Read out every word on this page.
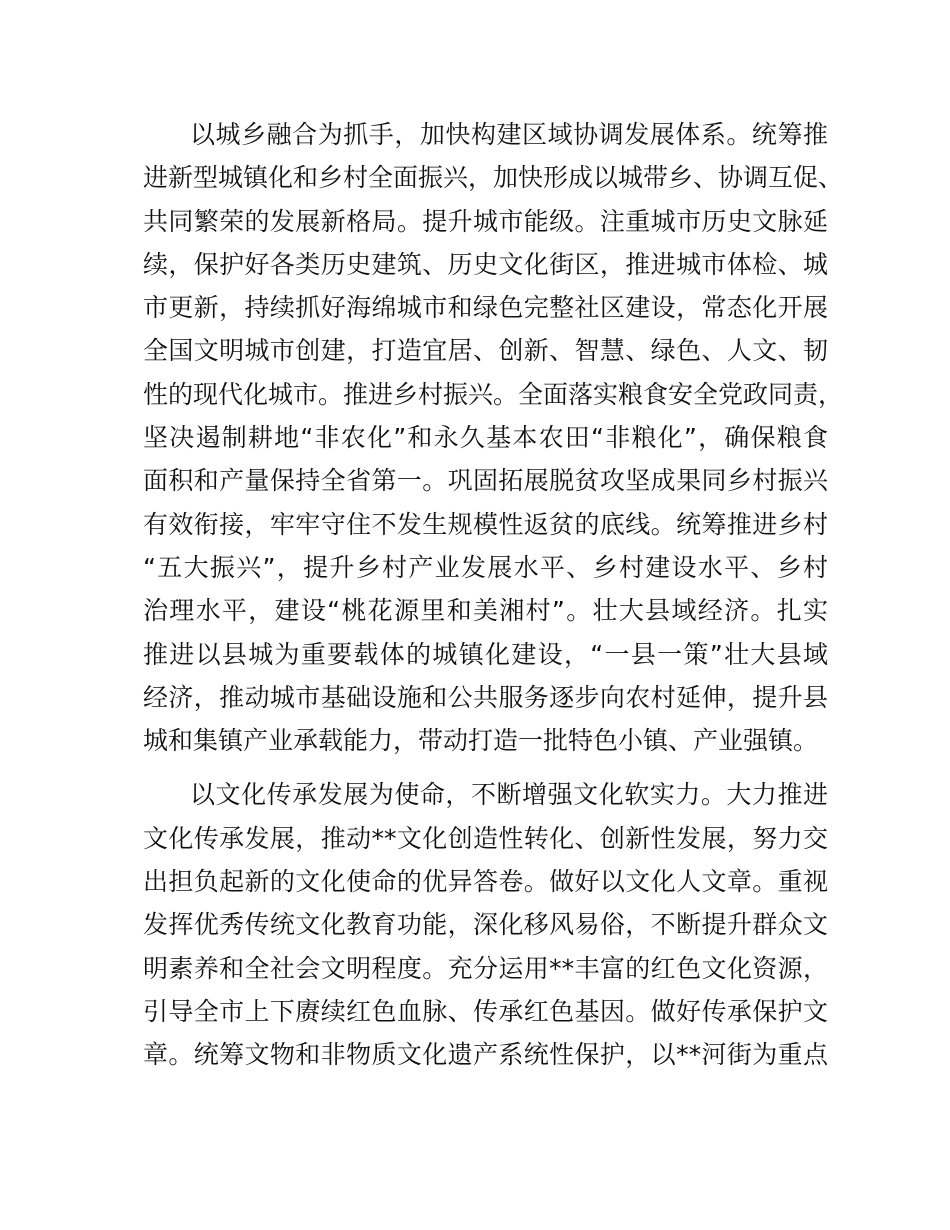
以城乡融合为抓手，加快构建区域协调发展体系。统筹推
进新型城镇化和乡村全面振兴，加快形成以城带乡、协调互促、
共同繁荣的发展新格局。提升城市能级。注重城市历史文脉延
续，保护好各类历史建筑、历史文化街区，推进城市体检、城
市更新，持续抓好海绵城市和绿色完整社区建设，常态化开展
全国文明城市创建，打造宜居、创新、智慧、绿色、人文、韧
性的现代化城市。推进乡村振兴。全面落实粮食安全党政同责，
坚决遏制耕地“非农化”和永久基本农田“非粮化”，确保粮食
面积和产量保持全省第一。巩固拓展脱贫攻坚成果同乡村振兴
有效衔接，牢牢守住不发生规模性返贫的底线。统筹推进乡村
“五大振兴”，提升乡村产业发展水平、乡村建设水平、乡村
治理水平，建设“桃花源里和美湘村”。壮大县域经济。扎实
推进以县城为重要载体的城镇化建设，“一县一策”壮大县域
经济，推动城市基础设施和公共服务逐步向农村延伸，提升县
城和集镇产业承载能力，带动打造一批特色小镇、产业强镇。
以文化传承发展为使命，不断增强文化软实力。大力推进
文化传承发展，推动**文化创造性转化、创新性发展，努力交
出担负起新的文化使命的优异答卷。做好以文化人文章。重视
发挥优秀传统文化教育功能，深化移风易俗，不断提升群众文
明素养和全社会文明程度。充分运用**丰富的红色文化资源，
引导全市上下赓续红色血脉、传承红色基因。做好传承保护文
章。统筹文物和非物质文化遗产系统性保护，以**河街为重点
